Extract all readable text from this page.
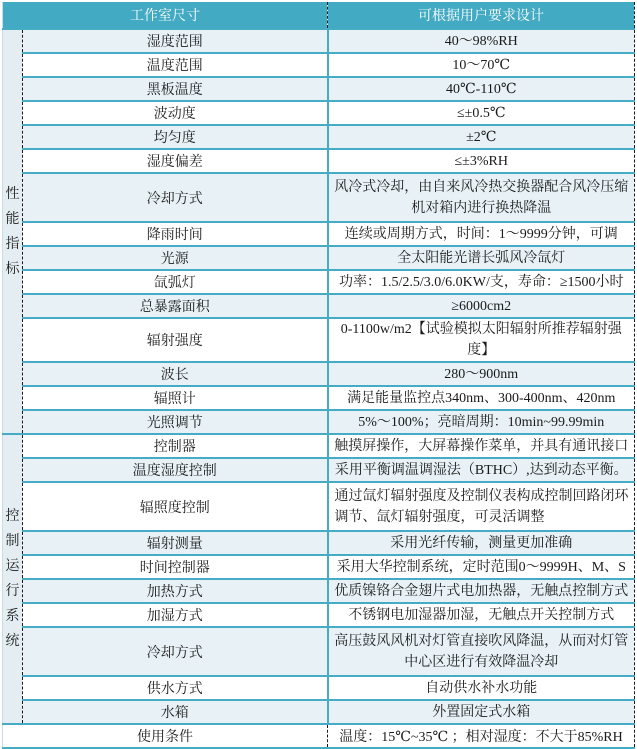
工作室尺寸		可根据用户要求设计

性
能
指
标	湿度范围	40～98%RH
	温度范围	10～70℃
	黑板温度	40℃-110℃
	波动度	≤±0.5℃
	均匀度	±2℃
	湿度偏差	≤±3%RH
	冷却方式	风冷式冷却，由自来风冷热交换器配合风冷压缩机对箱内进行换热降温
	降雨时间	连续或周期方式，时间：1～9999分钟，可调
	光源	全太阳能光谱长弧风冷氙灯
	氙弧灯	功率：1.5/2.5/3.0/6.0KW/支，寿命：≥1500小时
	总暴露面积	≥6000cm2
	辐射强度	0-1100w/m2【试验模拟太阳辐射所推荐辐射强度】
	波长	280～900nm
	辐照计	满足能量监控点340nm、300-400nm、420nm
	光照调节	5%～100%；亮暗周期：10min~99.99min

控
制
运
行
系
统
	控制器	触摸屏操作，大屏幕操作菜单，并具有通讯接口
	温度湿度控制	采用平衡调温调湿法（BTHC）,达到动态平衡。
	辐照度控制	通过氙灯辐射强度及控制仪表构成控制回路闭环调节、氙灯辐射强度，可灵活调整
	辐射测量	采用光纤传输，测量更加准确
	时间控制器	采用大华控制系统，定时范围0～9999H、M、S
	加热方式	优质镍铬合金翅片式电加热器，无触点控制方式
	加湿方式	不锈钢电加湿器加湿，无触点开关控制方式
	冷却方式	高压鼓风风机对灯管直接吹风降温，从而对灯管中心区进行有效降温冷却
	供水方式	自动供水补水功能
	水箱	外置固定式水箱
使用条件		温度：15℃~35℃ ；相对湿度：不大于85%RH
